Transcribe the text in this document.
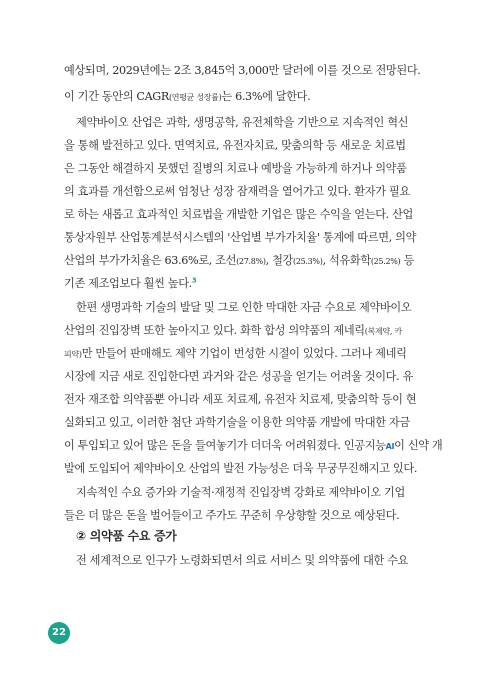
예상되며, 2029년에는 2조 3,845억 3,000만 달러에 이를 것으로 전망된다.
이 기간 동안의 CAGR(연평균 성장률)는 6.3%에 달한다.
제약바이오 산업은 과학, 생명공학, 유전체학을 기반으로 지속적인 혁신
을 통해 발전하고 있다. 면역치료, 유전자치료, 맞춤의학 등 새로운 치료법
은 그동안 해결하지 못했던 질병의 치료나 예방을 가능하게 하거나 의약품
의 효과를 개선함으로써 엄청난 성장 잠재력을 열어가고 있다. 환자가 필요
로 하는 새롭고 효과적인 치료법을 개발한 기업은 많은 수익을 얻는다. 산업
통상자원부 산업통계분석시스템의 '산업별 부가가치율' 통계에 따르면, 의약
산업의 부가가치율은 63.6%로, 조선(27.8%), 철강(25.3%), 석유화학(25.2%) 등
기존 제조업보다 훨씬 높다.$^3$
한편 생명과학 기술의 발달 및 그로 인한 막대한 자금 수요로 제약바이오
산업의 진입장벽 또한 높아지고 있다. 화학 합성 의약품의 제네릭(복제약, 카
피약)만 만들어 판매해도 제약 기업이 번성한 시절이 있었다. 그러나 제네릭
시장에 지금 새로 진입한다면 과거와 같은 성공을 얻기는 어려울 것이다. 유
전자 재조합 의약품뿐 아니라 세포 치료제, 유전자 치료제, 맞춤의학 등이 현
실화되고 있고, 이러한 첨단 과학기술을 이용한 의약품 개발에 막대한 자금
이 투입되고 있어 많은 돈을 들여놓기가 더더욱 어려워졌다. 인공지능AI이 신약 개
발에 도입되어 제약바이오 산업의 발전 가능성은 더욱 무궁무진해지고 있다.
지속적인 수요 증가와 기술적·재정적 진입장벽 강화로 제약바이오 기업
들은 더 많은 돈을 벌어들이고 주가도 꾸준히 우상향할 것으로 예상된다.
② 의약품 수요 증가
전 세계적으로 인구가 노령화되면서 의료 서비스 및 의약품에 대한 수요
22
